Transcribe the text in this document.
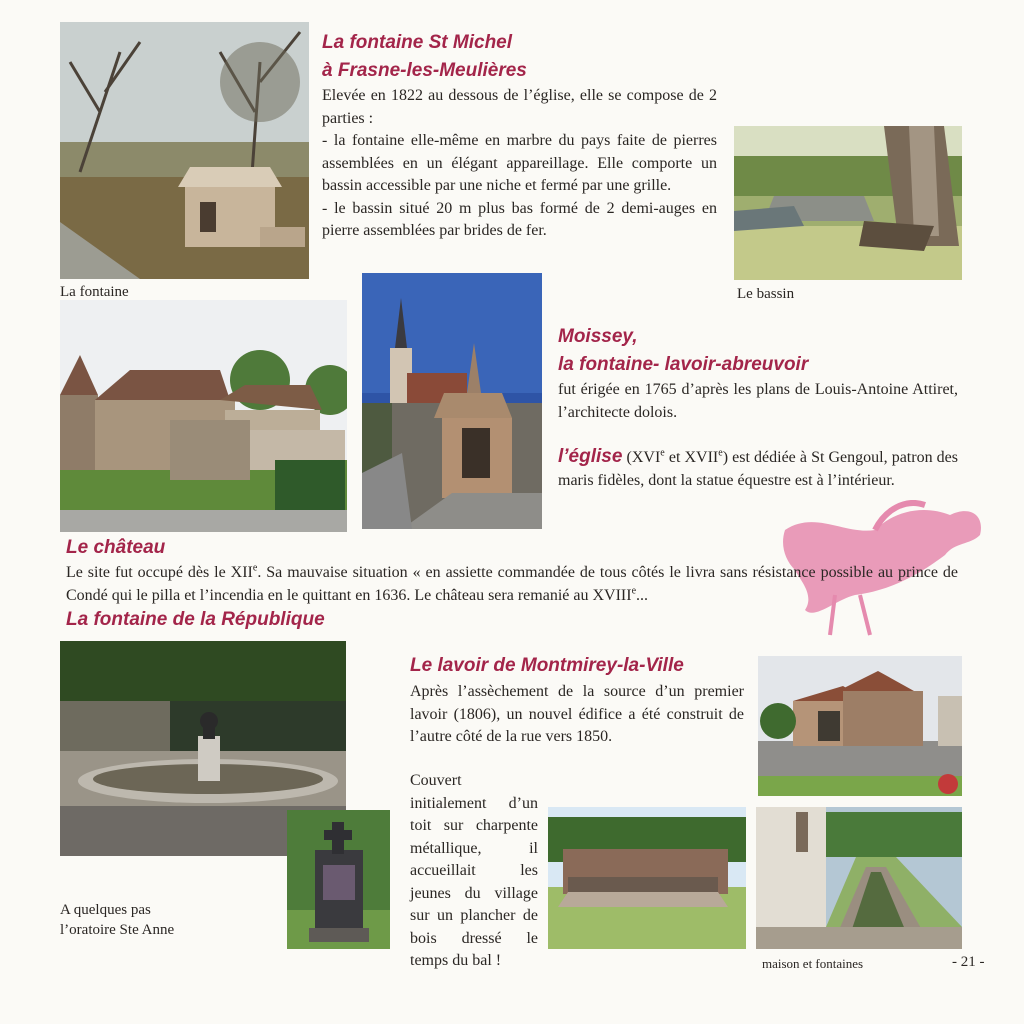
La fontaine	Le bassin
La fontaine St Michel
à Frasne-les-Meulières

Elevée en 1822 au dessous de l’église, elle se compose de 2 parties :

- la fontaine elle-même en marbre du pays faite de pierres assemblées en un élégant appareillage. Elle comporte un bassin accessible par une niche et fermé par une grille.

- le bassin situé 20 m plus bas formé de 2 demi-auges en pierre assemblées par brides de fer.

Moissey,
la fontaine- lavoir-abreuvoir

fut érigée en 1765 d’après les plans de Louis-Antoine Attiret, l’architecte dolois.

l’église (XVIe et XVIIe) est dédiée à St Gengoul, patron des maris fidèles, dont la statue équestre est à l’intérieur.

Le château

Le site fut occupé dès le XIIe. Sa mauvaise situation « en assiette commandée de tous côtés le livra sans résistance possible au prince de Condé qui le pilla et l’incendia en le quittant en 1636. Le château sera remanié au XVIIIe...

La fontaine de la République
A quelques pas
l’oratoire Ste Anne
Le lavoir de Montmirey-la-Ville

Après l’assèchement de la source d’un premier lavoir (1806), un nouvel édifice a été construit de l’autre côté de la rue vers 1850.

Couvert initialement d’un toit sur charpente métallique, il accueillait les jeunes du village sur un plancher de bois dressé le temps du bal !	maison et fontaines	- 21 -
